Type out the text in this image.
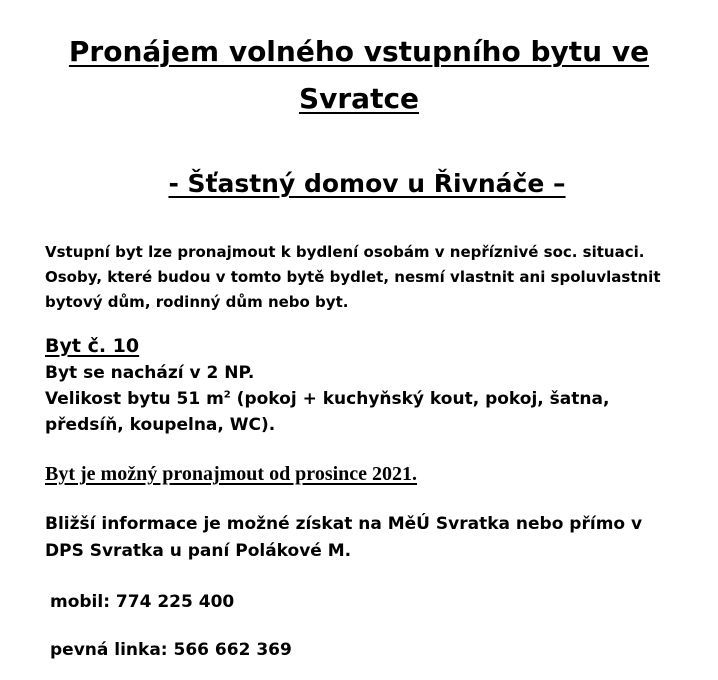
Pronájem volného vstupního bytu ve
Svratce
- Šťastný domov u Řivnáče –

Vstupní byt lze pronajmout k bydlení osobám v nepříznivé soc. situaci.

Osoby, které budou v tomto bytě bydlet, nesmí vlastnit ani spoluvlastnit bytový dům, rodinný dům nebo byt.

Byt č. 10

Byt se nachází v 2 NP.

Velikost bytu 51 $m^2$ (pokoj + kuchyňský kout, pokoj, šatna, předsíň, koupelna, WC).

Byt je možný pronajmout od prosince 2021.

Bližší informace je možné získat na MěÚ Svratka nebo přímo v DPS Svratka u paní Polákové M.

mobil: 774 225 400

pevná linka: 566 662 369
